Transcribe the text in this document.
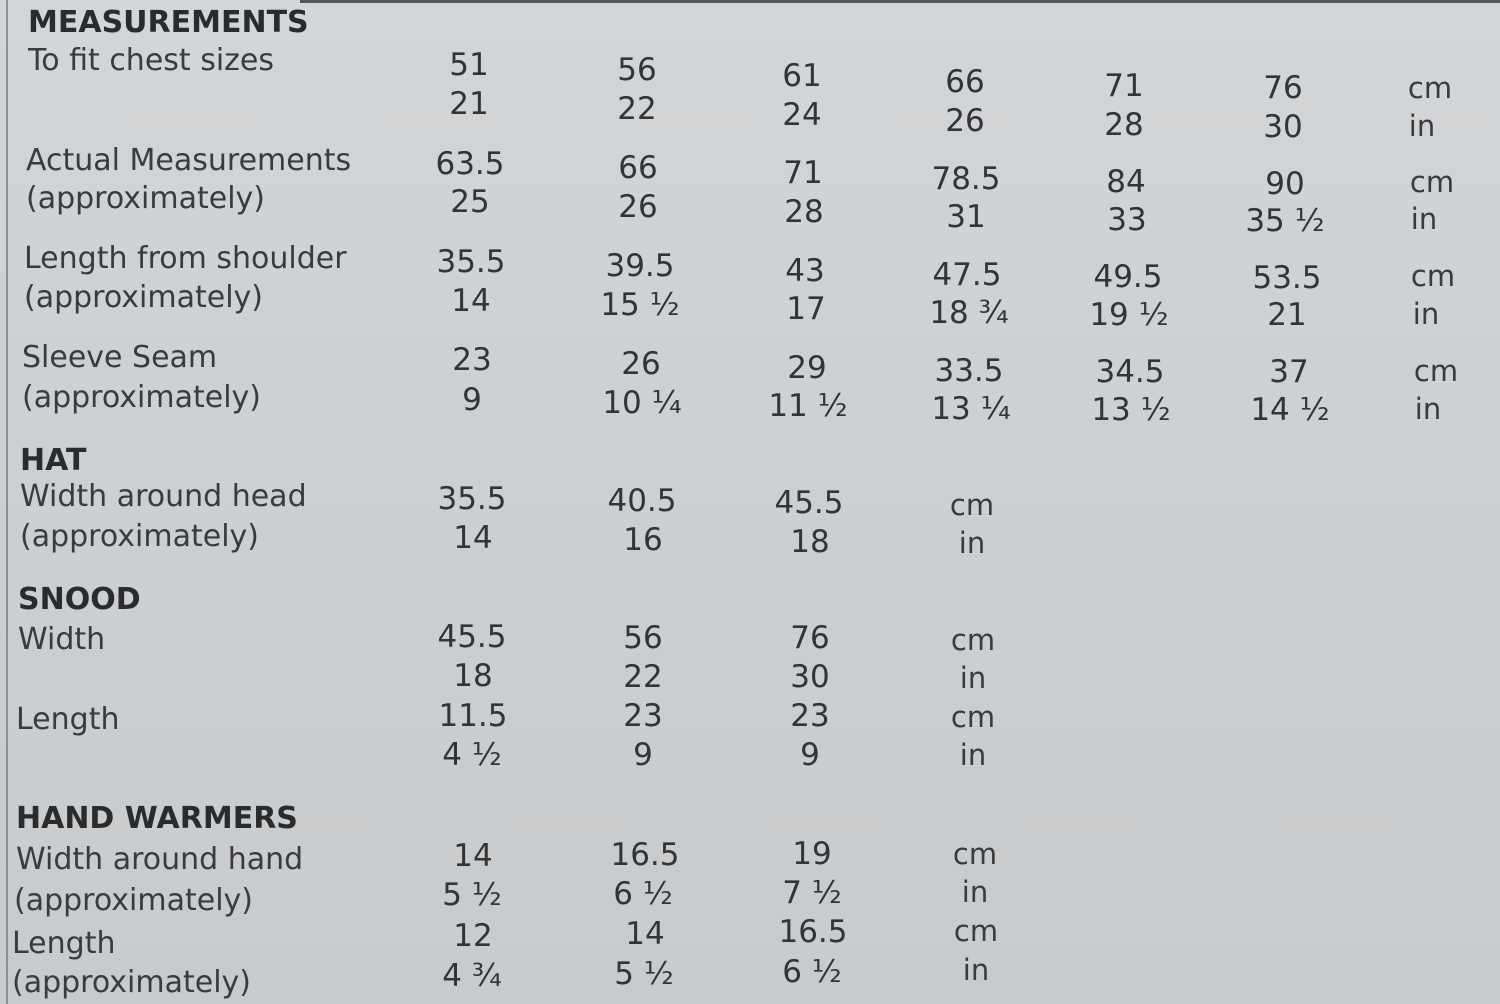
MEASUREMENTS
To fit chest sizes	51	56	61	66	71	76	cm
21	22	24	26	28	30	in
Actual Measurements
(approximately)
63.5	66	71	78.5	84	90	cm
25	26	28	31	33	35 ½	in
Length from shoulder
(approximately)
35.5	39.5	43	47.5	49.5	53.5	cm
14	15 ½	17	18 ¾	19 ½	21	in
Sleeve Seam
(approximately)
23	26	29	33.5	34.5	37	cm
9	10 ¼	11 ½	13 ¼	13 ½	14 ½	in
HAT
Width around head
(approximately)
35.5	40.5	45.5	cm
14	16	18	in
SNOOD
Width	45.5	56	76	cm
18	22	30	in
Length	11.5	23	23	cm
4 ½	9	9	in
HAND WARMERS
Width around hand
(approximately)
14	16.5	19	cm
5 ½	6 ½	7 ½	in
Length
(approximately)
12	14	16.5	cm
4 ¾	5 ½	6 ½	in
